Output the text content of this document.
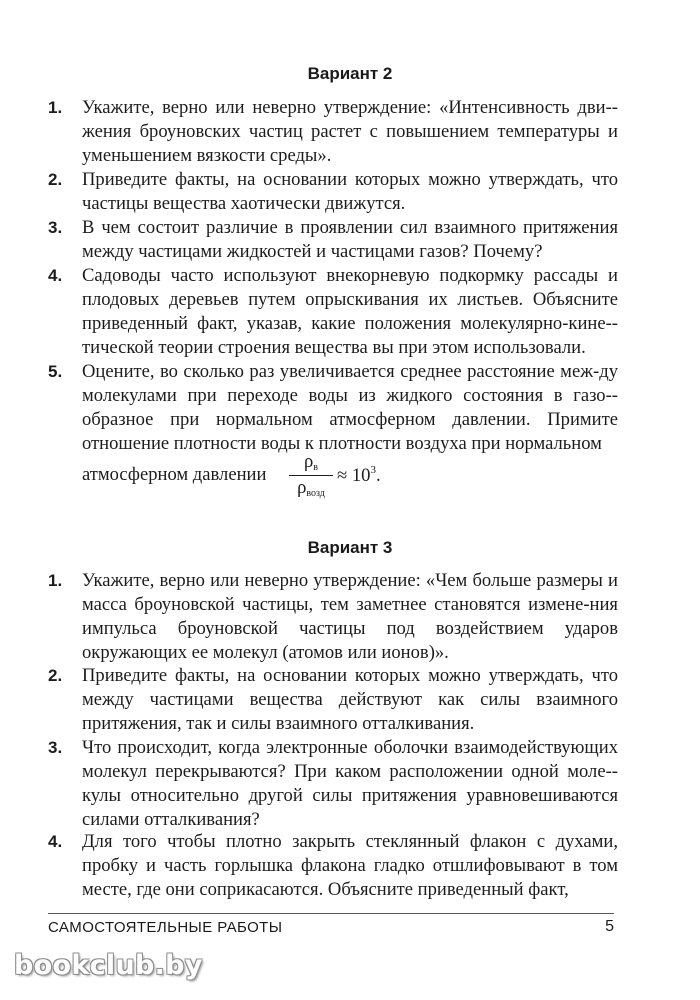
Вариант 2
1. Укажите, верно или неверно утверждение: «Интенсивность дви-жения броуновских частиц растет с повышением температуры и уменьшением вязкости среды».
2. Приведите факты, на основании которых можно утверждать, что частицы вещества хаотически движутся.
3. В чем состоит различие в проявлении сил взаимного притяжения между частицами жидкостей и частицами газов? Почему?
4. Садоводы часто используют внекорневую подкормку рассады и плодовых деревьев путем опрыскивания их листьев. Объясните приведенный факт, указав, какие положения молекулярно-кине-тической теории строения вещества вы при этом использовали.
5. Оцените, во сколько раз увеличивается среднее расстояние меж-ду молекулами при переходе воды из жидкого состояния в газо-образное при нормальном атмосферном давлении. Примите отношение плотности воды к плотности воздуха при нормальном
атмосферном давлении
$\rho_в$
$\rho_{возд}$
≈ $10^3$.
Вариант 3
1. Укажите, верно или неверно утверждение: «Чем больше размеры и масса броуновской частицы, тем заметнее становятся измене-ния импульса броуновской частицы под воздействием ударов окружающих ее молекул (атомов или ионов)».
2. Приведите факты, на основании которых можно утверждать, что между частицами вещества действуют как силы взаимного притяжения, так и силы взаимного отталкивания.
3. Что происходит, когда электронные оболочки взаимодействующих молекул перекрываются? При каком расположении одной моле-кулы относительно другой силы притяжения уравновешиваются силами отталкивания?
4. Для того чтобы плотно закрыть стеклянный флакон с духами, пробку и часть горлышка флакона гладко отшлифовывают в том месте, где они соприкасаются. Объясните приведенный факт,
САМОСТОЯТЕЛЬНЫЕ РАБОТЫ	5
bookclub.by
